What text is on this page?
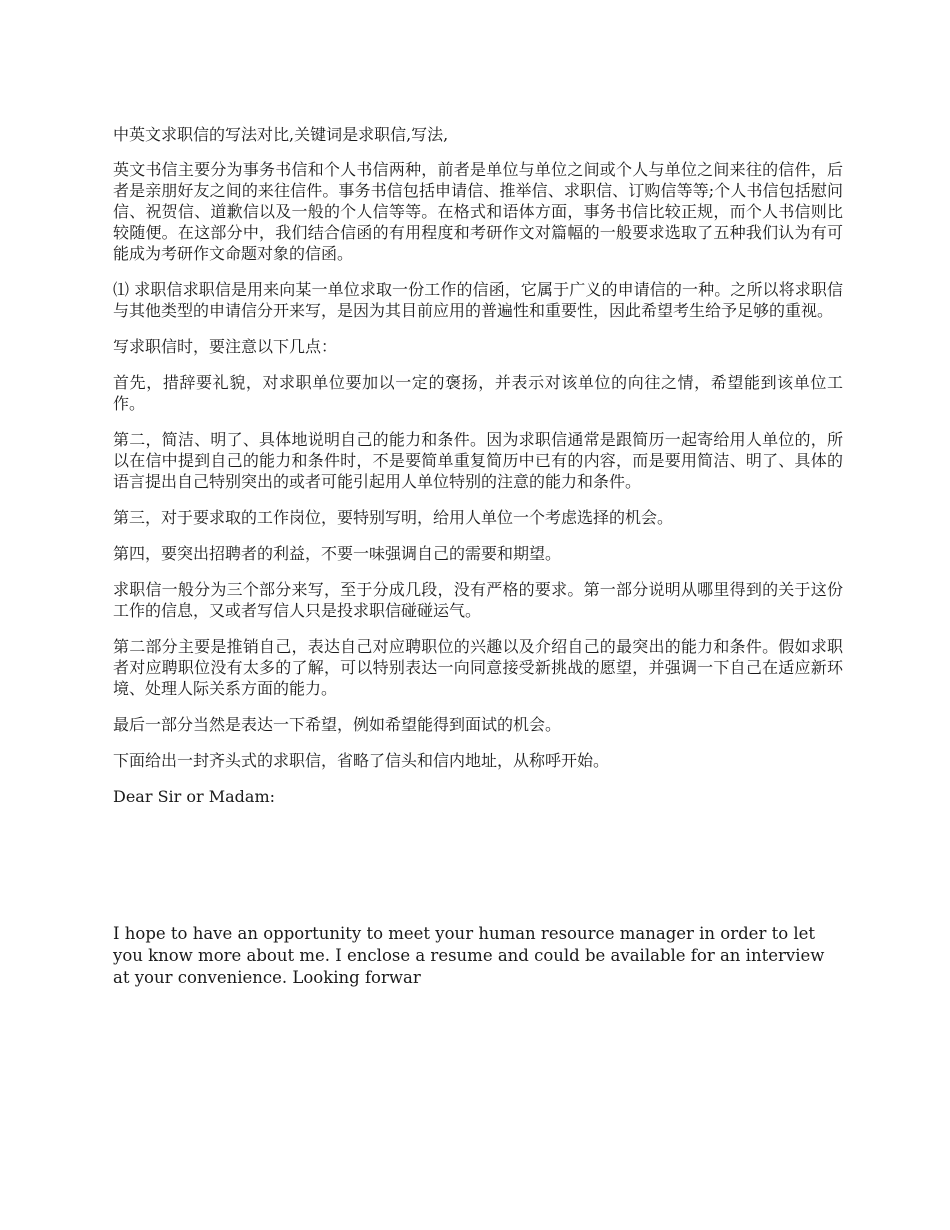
中英文求职信的写法对比,关键词是求职信,写法,

英文书信主要分为事务书信和个人书信两种，前者是单位与单位之间或个人与单位之间来往的信件，后者是亲朋好友之间的来往信件。事务书信包括申请信、推举信、求职信、订购信等等;个人书信包括慰问信、祝贺信、道歉信以及一般的个人信等等。在格式和语体方面，事务书信比较正规，而个人书信则比较随便。在这部分中，我们结合信函的有用程度和考研作文对篇幅的一般要求选取了五种我们认为有可能成为考研作文命题对象的信函。

⑴ 求职信求职信是用来向某一单位求取一份工作的信函，它属于广义的申请信的一种。之所以将求职信与其他类型的申请信分开来写，是因为其目前应用的普遍性和重要性，因此希望考生给予足够的重视。

写求职信时，要注意以下几点：

首先，措辞要礼貌，对求职单位要加以一定的褒扬，并表示对该单位的向往之情，希望能到该单位工作。

第二，简洁、明了、具体地说明自己的能力和条件。因为求职信通常是跟简历一起寄给用人单位的，所以在信中提到自己的能力和条件时，不是要简单重复简历中已有的内容，而是要用简洁、明了、具体的语言提出自己特别突出的或者可能引起用人单位特别的注意的能力和条件。

第三，对于要求取的工作岗位，要特别写明，给用人单位一个考虑选择的机会。

第四，要突出招聘者的利益，不要一味强调自己的需要和期望。

求职信一般分为三个部分来写，至于分成几段，没有严格的要求。第一部分说明从哪里得到的关于这份工作的信息，又或者写信人只是投求职信碰碰运气。

第二部分主要是推销自己，表达自己对应聘职位的兴趣以及介绍自己的最突出的能力和条件。假如求职者对应聘职位没有太多的了解，可以特别表达一向同意接受新挑战的愿望，并强调一下自己在适应新环境、处理人际关系方面的能力。

最后一部分当然是表达一下希望，例如希望能得到面试的机会。

下面给出一封齐头式的求职信，省略了信头和信内地址，从称呼开始。

Dear Sir or Madam:

I hope to have an opportunity to meet your human resource manager in order to let you know more about me. I enclose a resume and could be available for an interview at your convenience. Looking forwar
